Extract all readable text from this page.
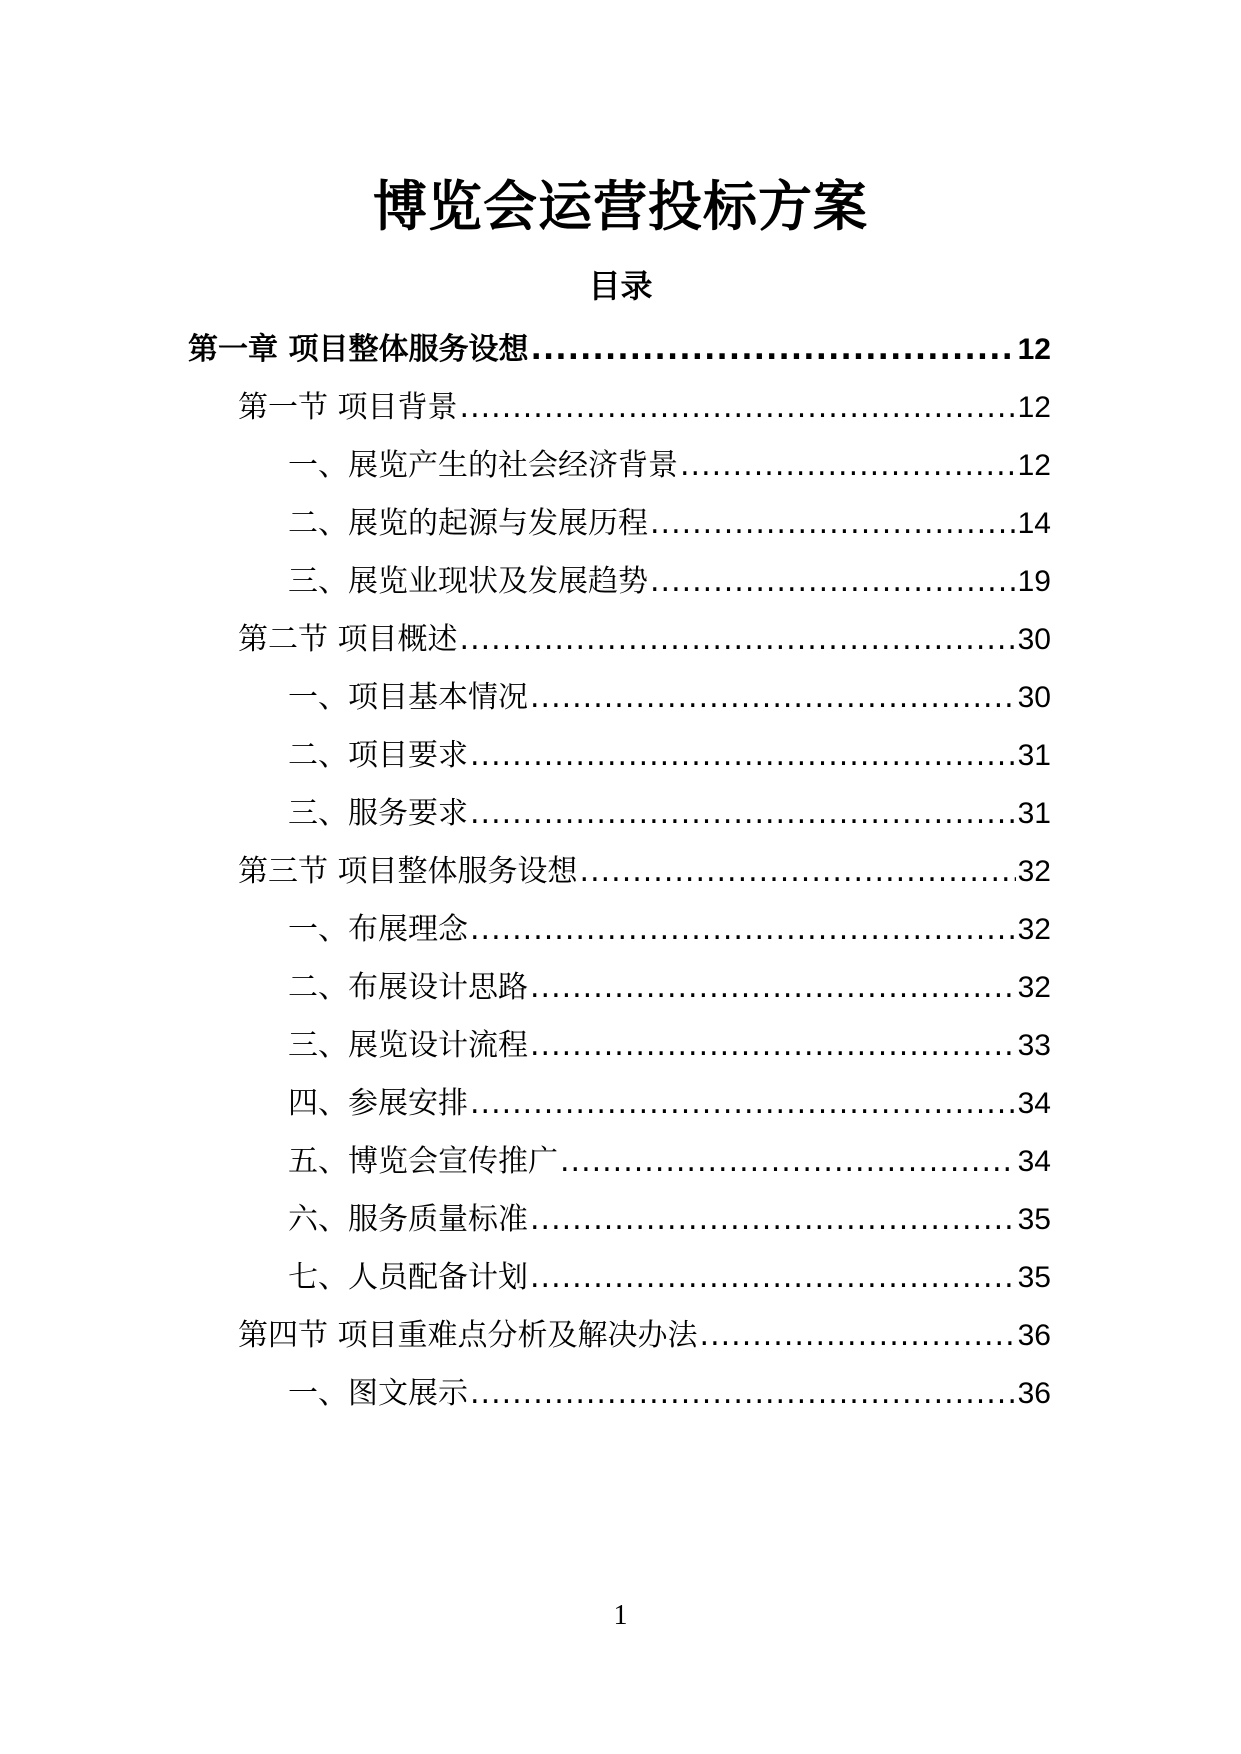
博览会运营投标方案
目录
第一章 项目整体服务设想 .....	12
第一节 项目背景 .....	12
一、展览产生的社会经济背景 .....	12
二、展览的起源与发展历程 .....	14
三、展览业现状及发展趋势 .....	19
第二节 项目概述 .....	30
一、项目基本情况 .....	30
二、项目要求 .....	31
三、服务要求 .....	31
第三节 项目整体服务设想 .....	32
一、布展理念 .....	32
二、布展设计思路 .....	32
三、展览设计流程 .....	33
四、参展安排 .....	34
五、博览会宣传推广 .....	34
六、服务质量标准 .....	35
七、人员配备计划 .....	35
第四节 项目重难点分析及解决办法 .....	36
一、图文展示 .....	36
1
